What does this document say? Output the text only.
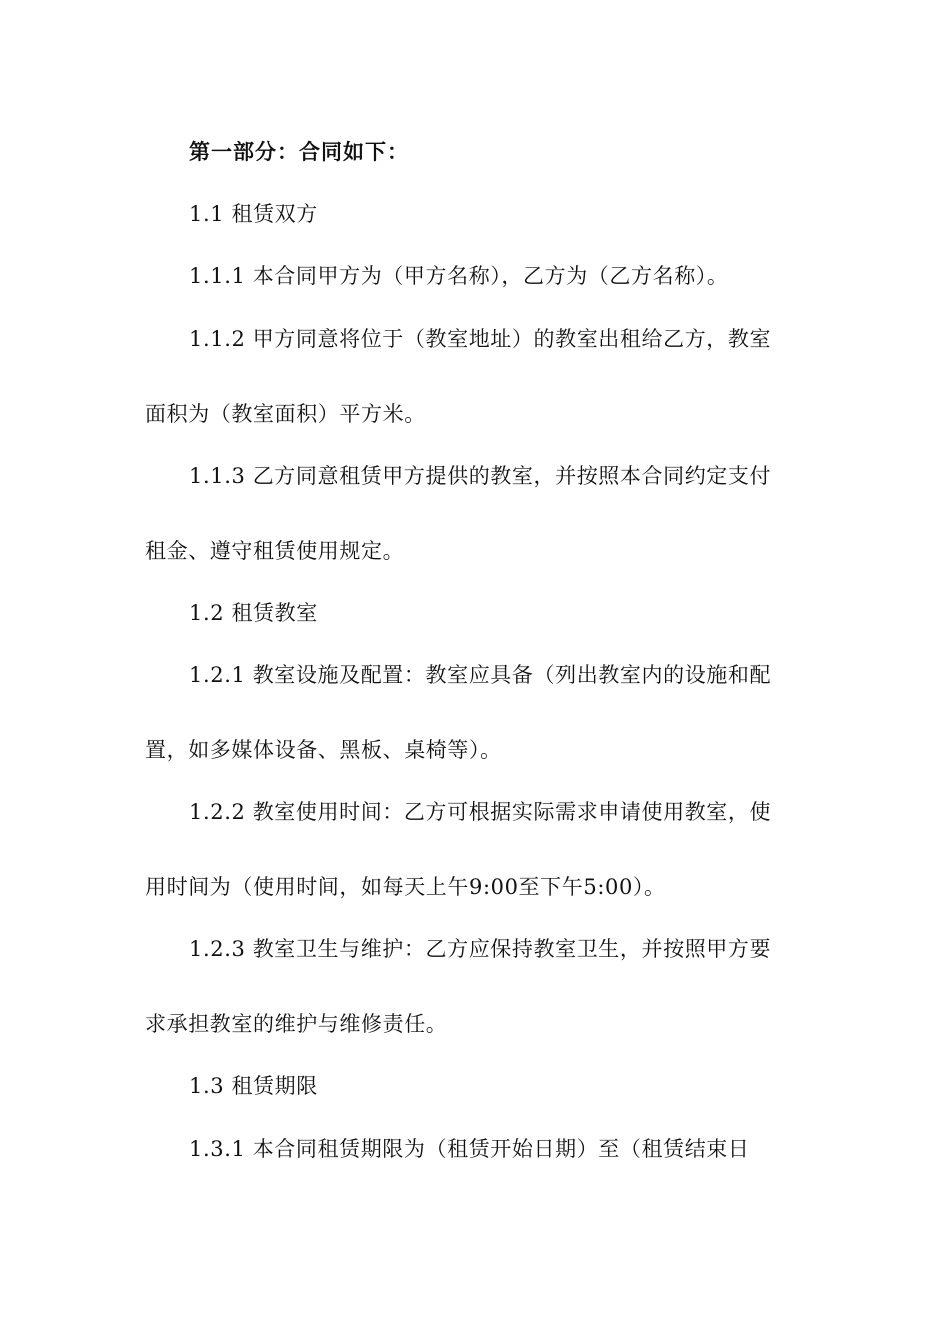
第一部分：合同如下：
1.1 租赁双方
1.1.1 本合同甲方为（甲方名称），乙方为（乙方名称）。
1.1.2 甲方同意将位于（教室地址）的教室出租给乙方，教室
面积为（教室面积）平方米。
1.1.3 乙方同意租赁甲方提供的教室，并按照本合同约定支付
租金、遵守租赁使用规定。
1.2 租赁教室
1.2.1 教室设施及配置：教室应具备（列出教室内的设施和配
置，如多媒体设备、黑板、桌椅等）。
1.2.2 教室使用时间：乙方可根据实际需求申请使用教室，使
用时间为（使用时间，如每天上午9:00至下午5:00）。
1.2.3 教室卫生与维护：乙方应保持教室卫生，并按照甲方要
求承担教室的维护与维修责任。
1.3 租赁期限
1.3.1 本合同租赁期限为（租赁开始日期）至（租赁结束日
